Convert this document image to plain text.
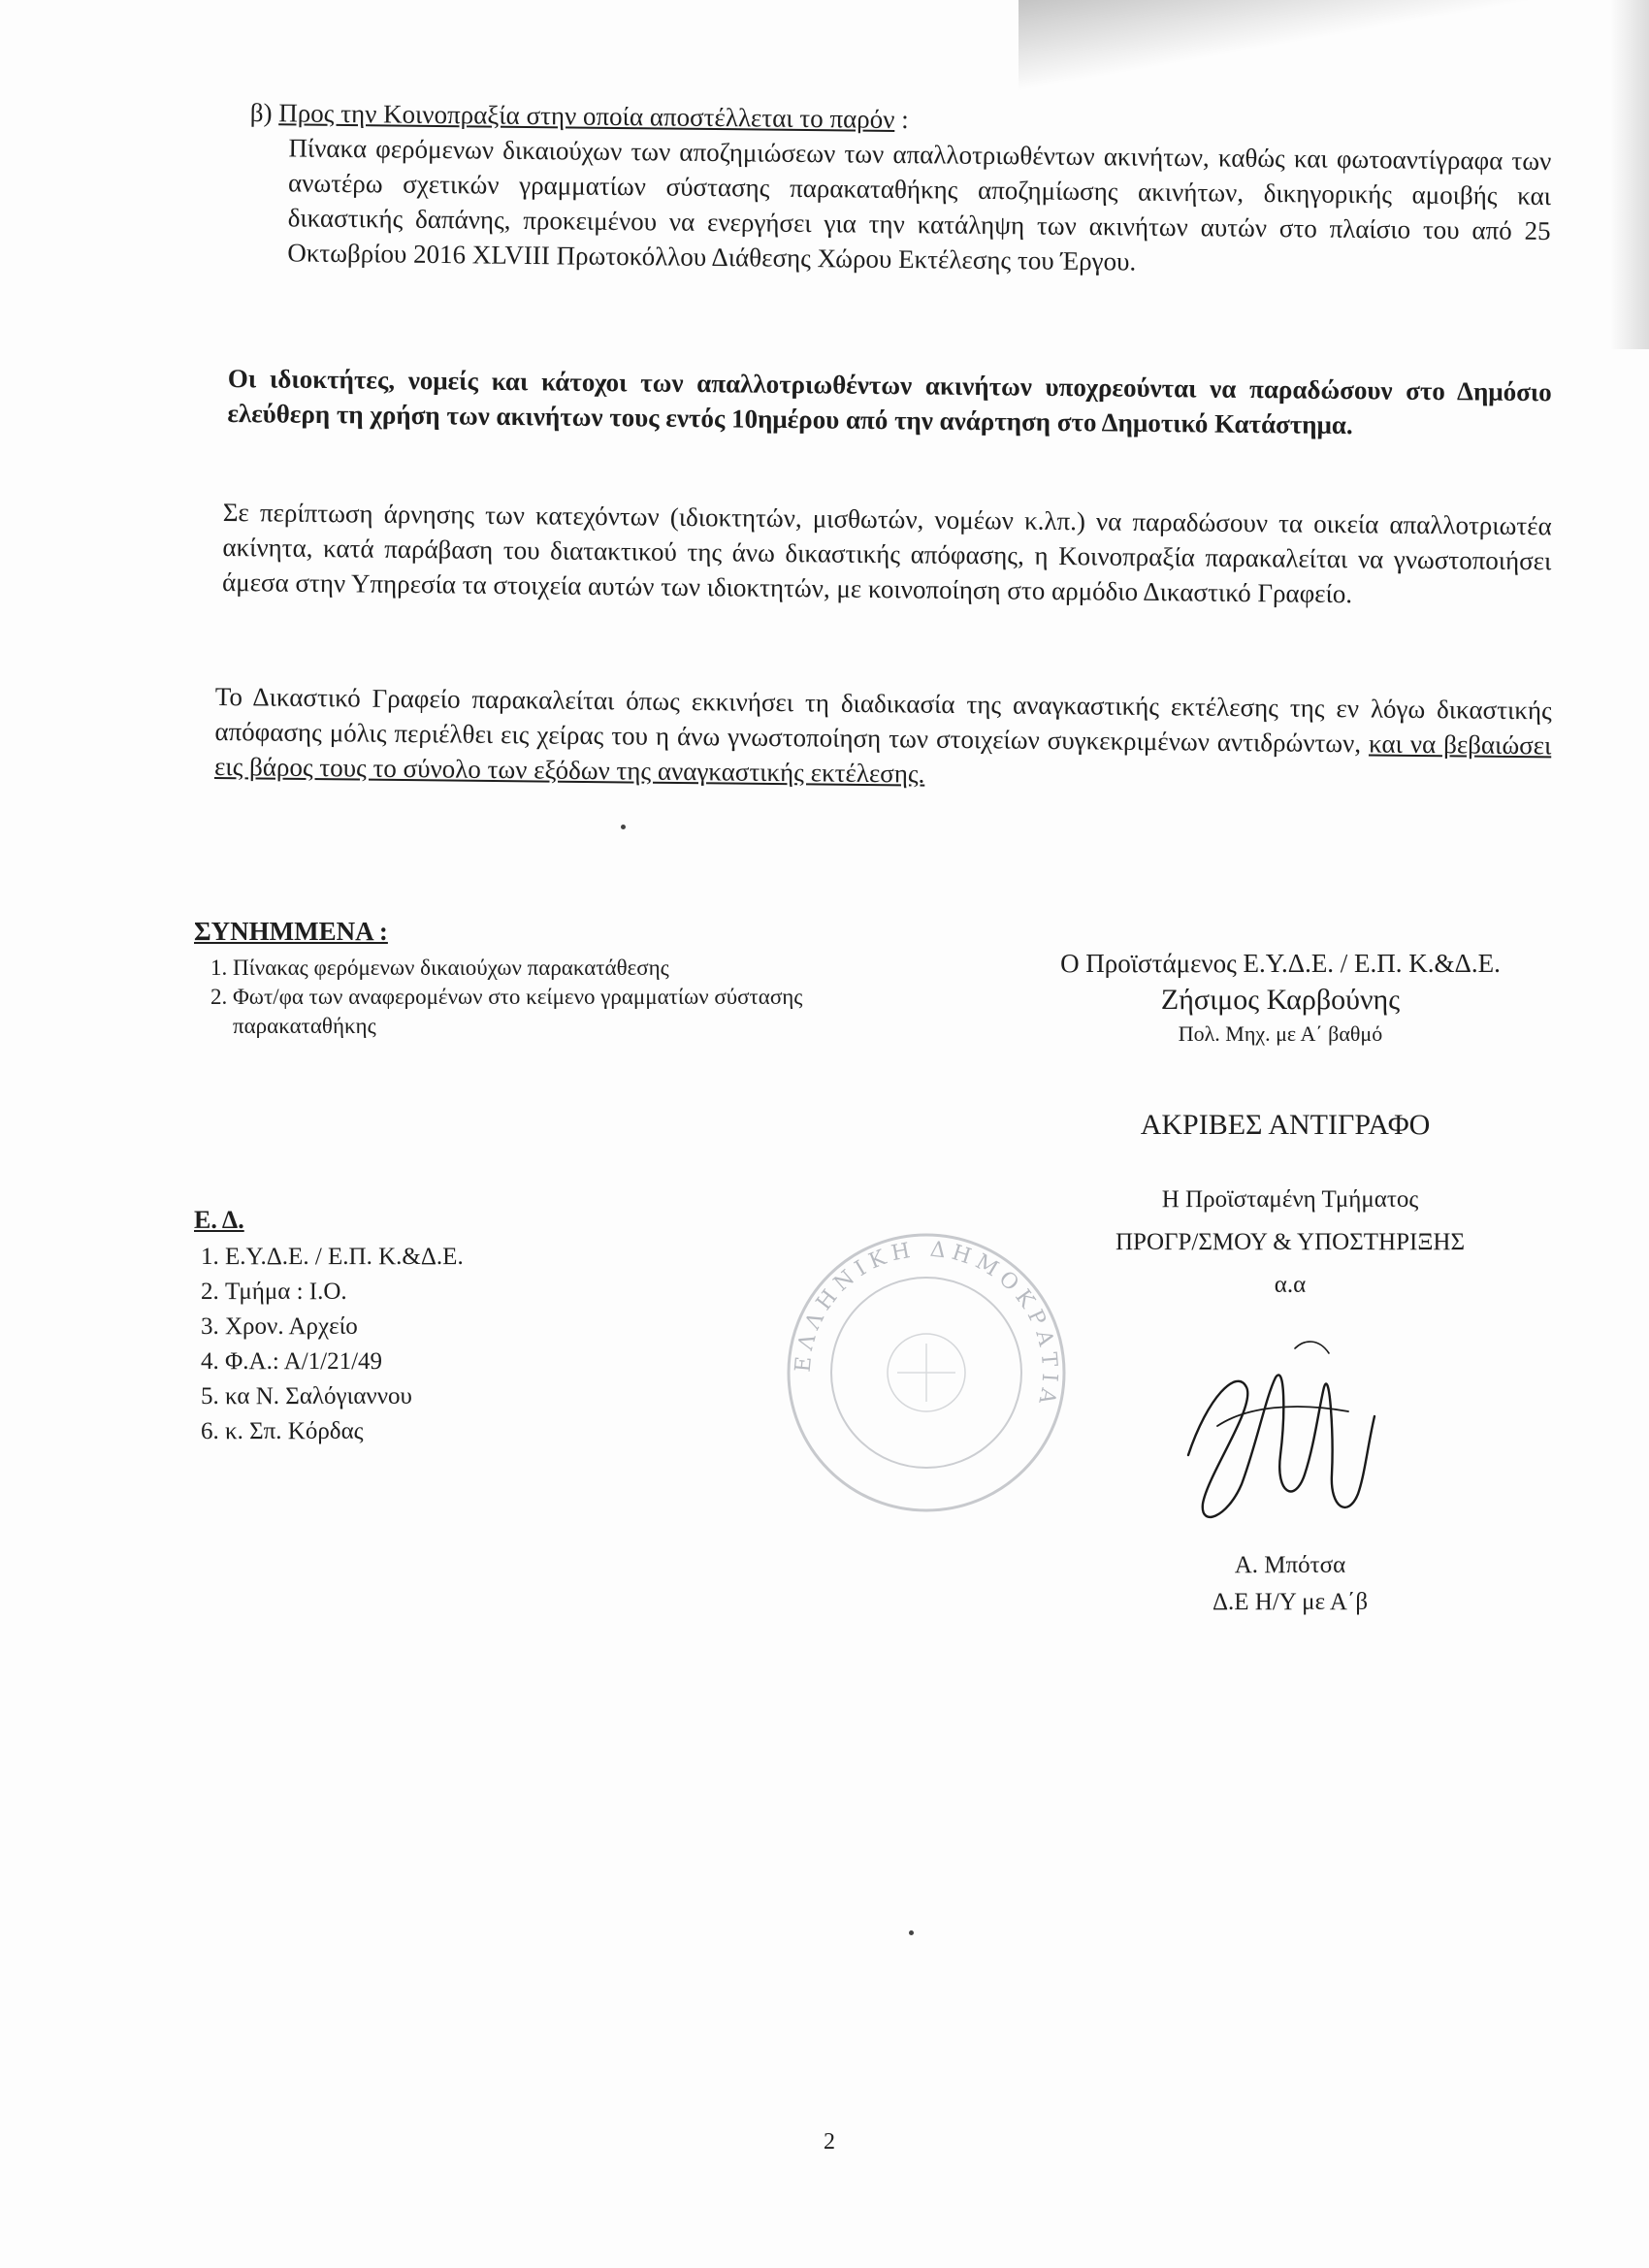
β) Προς την Κοινοπραξία στην οποία αποστέλλεται το παρόν :

Πίνακα φερόμενων δικαιούχων των αποζημιώσεων των απαλλοτριωθέντων ακινήτων, καθώς και φωτοαντίγραφα των ανωτέρω σχετικών γραμματίων σύστασης παρακαταθήκης αποζημίωσης ακινήτων, δικηγορικής αμοιβής και δικαστικής δαπάνης, προκειμένου να ενεργήσει για την κατάληψη των ακινήτων αυτών στο πλαίσιο του από 25 Οκτωβρίου 2016 XLVIII Πρωτοκόλλου Διάθεσης Χώρου Εκτέλεσης του Έργου.

Οι ιδιοκτήτες, νομείς και κάτοχοι των απαλλοτριωθέντων ακινήτων υποχρεούνται να παραδώσουν στο Δημόσιο ελεύθερη τη χρήση των ακινήτων τους εντός 10ημέρου από την ανάρτηση στο Δημοτικό Κατάστημα.

Σε περίπτωση άρνησης των κατεχόντων (ιδιοκτητών, μισθωτών, νομέων κ.λπ.) να παραδώσουν τα οικεία απαλλοτριωτέα ακίνητα, κατά παράβαση του διατακτικού της άνω δικαστικής απόφασης, η Κοινοπραξία παρακαλείται να γνωστοποιήσει άμεσα στην Υπηρεσία τα στοιχεία αυτών των ιδιοκτητών, με κοινοποίηση στο αρμόδιο Δικαστικό Γραφείο.

Το Δικαστικό Γραφείο παρακαλείται όπως εκκινήσει τη διαδικασία της αναγκαστικής εκτέλεσης της εν λόγω δικαστικής απόφασης μόλις περιέλθει εις χείρας του η άνω γνωστοποίηση των στοιχείων συγκεκριμένων αντιδρώντων, και να βεβαιώσει εις βάρος τους το σύνολο των εξόδων της αναγκαστικής εκτέλεσης.

ΣΥΝΗΜΜΕΝΑ :

1. Πίνακας φερόμενων δικαιούχων παρακατάθεσης
2. Φωτ/φα των αναφερομένων στο κείμενο γραμματίων σύστασης παρακαταθήκης
Ο Προϊστάμενος Ε.Υ.Δ.Ε. / Ε.Π. Κ.&Δ.Ε.
Ζήσιμος Καρβούνης
Πολ. Μηχ. με Α΄ βαθμό
ΑΚΡΙΒΕΣ ΑΝΤΙΓΡΑΦΟ
Η Προϊσταμένη Τμήματος
ΠΡΟΓΡ/ΣΜΟΥ & ΥΠΟΣΤΗΡΙΞΗΣ
α.α

Ε. Δ.

1. Ε.Υ.Δ.Ε. / Ε.Π. Κ.&Δ.Ε.
2. Τμήμα : Ι.Ο.
3. Χρον. Αρχείο
4. Φ.Α.: Α/1/21/49
5. κα Ν. Σαλόγιαννου
6. κ. Σπ. Κόρδας
ΕΛΛΗΝΙΚΗ ΔΗΜΟΚΡΑΤΙΑ
Α. Μπότσα
Δ.Ε Η/Υ με Α΄β
2
